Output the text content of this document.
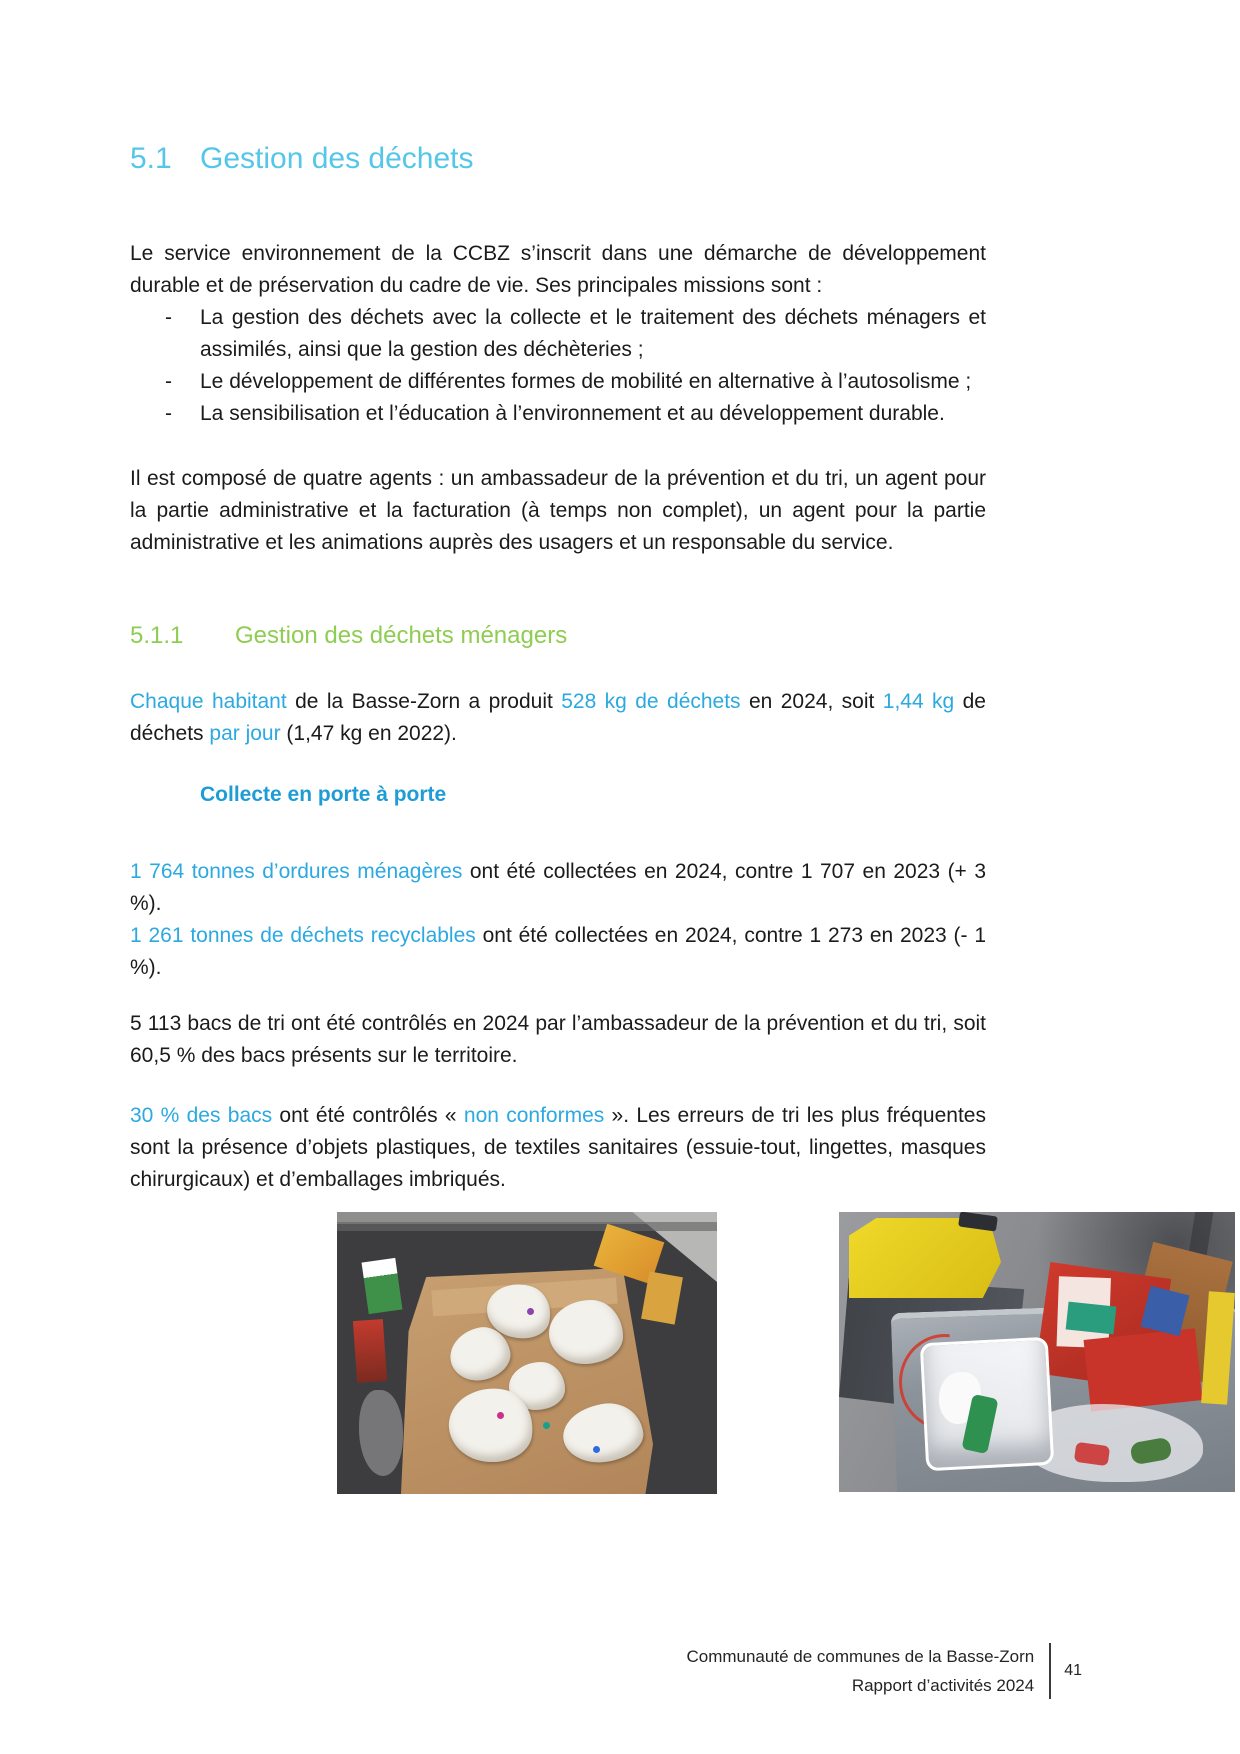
5.1 Gestion des déchets
Le service environnement de la CCBZ s’inscrit dans une démarche de développement durable et de préservation du cadre de vie. Ses principales missions sont :
-	La gestion des déchets avec la collecte et le traitement des déchets ménagers et assimilés, ainsi que la gestion des déchèteries ;
-	Le développement de différentes formes de mobilité en alternative à l’autosolisme ;
-	La sensibilisation et l’éducation à l’environnement et au développement durable.
Il est composé de quatre agents : un ambassadeur de la prévention et du tri, un agent pour la partie administrative et la facturation (à temps non complet), un agent pour la partie administrative et les animations auprès des usagers et un responsable du service.
5.1.1	Gestion des déchets ménagers
Chaque habitant de la Basse-Zorn a produit 528 kg de déchets en 2024, soit 1,44 kg de déchets par jour (1,47 kg en 2022).
Collecte en porte à porte
1 764 tonnes d’ordures ménagères ont été collectées en 2024, contre 1 707 en 2023 (+ 3 %).
1 261 tonnes de déchets recyclables ont été collectées en 2024, contre 1 273 en 2023 (- 1 %).
5 113 bacs de tri ont été contrôlés en 2024 par l’ambassadeur de la prévention et du tri, soit 60,5 % des bacs présents sur le territoire.
30 % des bacs ont été contrôlés « non conformes ». Les erreurs de tri les plus fréquentes sont la présence d’objets plastiques, de textiles sanitaires (essuie-tout, lingettes, masques chirurgicaux) et d’emballages imbriqués.
Communauté de communes de la Basse-Zorn
Rapport d’activités 2024
41
